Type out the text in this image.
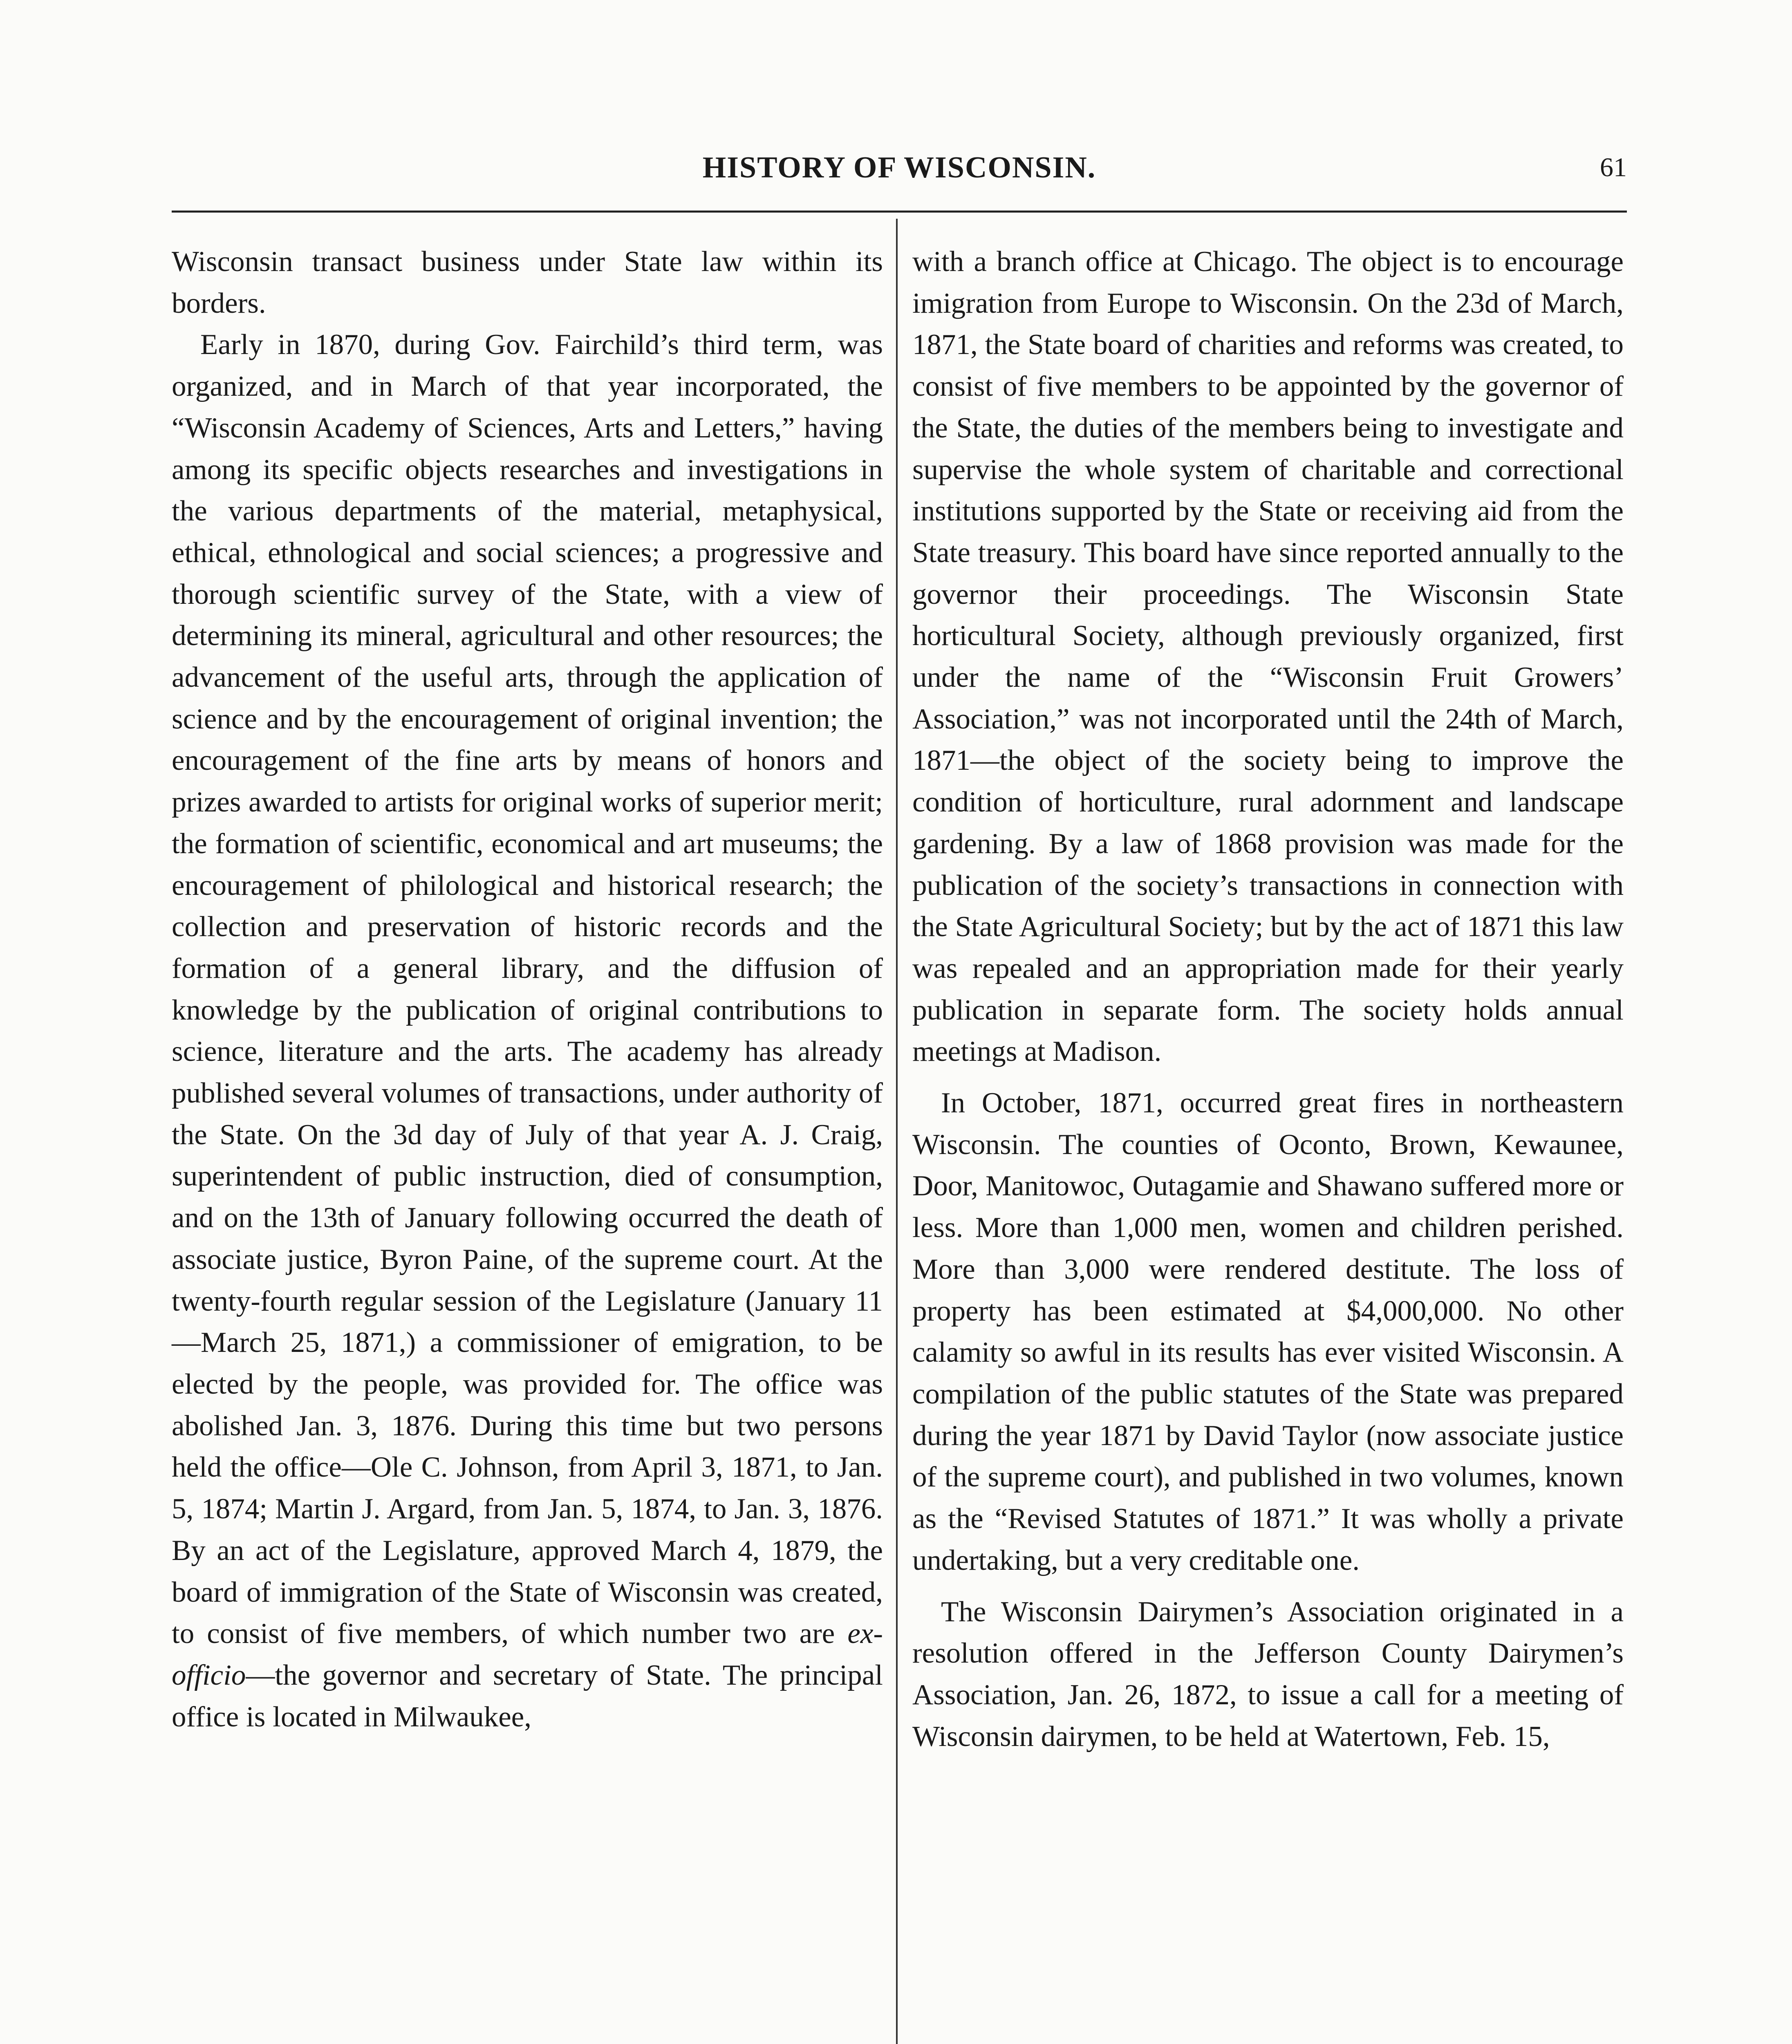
HISTORY OF WISCONSIN.	61

Wisconsin transact business under State law within its borders.

Early in 1870, during Gov. Fairchild’s third term, was organized, and in March of that year incorporated, the “Wisconsin Academy of Sciences, Arts and Letters,” having among its specific objects researches and investigations in the various departments of the material, metaphysical, ethical, ethnological and social sciences; a progressive and thorough scientific survey of the State, with a view of determining its mineral, agricultural and other resources; the advancement of the useful arts, through the application of science and by the encouragement of original invention; the encouragement of the fine arts by means of honors and prizes awarded to artists for original works of superior merit; the formation of scientific, economical and art museums; the encouragement of philological and historical research; the collection and preservation of historic records and the formation of a general library, and the diffusion of knowledge by the publication of original contributions to science, literature and the arts. The academy has already published several volumes of transactions, under authority of the State. On the 3d day of July of that year A. J. Craig, superintendent of public instruction, died of consumption, and on the 13th of January following occurred the death of associate justice, Byron Paine, of the supreme court. At the twenty-fourth regular session of the Legislature (January 11—March 25, 1871,) a commissioner of emigration, to be elected by the people, was provided for. The office was abolished Jan. 3, 1876. During this time but two persons held the office—Ole C. Johnson, from April 3, 1871, to Jan. 5, 1874; Martin J. Argard, from Jan. 5, 1874, to Jan. 3, 1876. By an act of the Legislature, approved March 4, 1879, the board of immigration of the State of Wisconsin was created, to consist of five members, of which number two are ex-officio—the governor and secretary of State. The principal office is located in Milwaukee,

with a branch office at Chicago. The object is to encourage imigration from Europe to Wisconsin. On the 23d of March, 1871, the State board of charities and reforms was created, to consist of five members to be appointed by the governor of the State, the duties of the members being to investigate and supervise the whole system of charitable and correctional institutions supported by the State or receiving aid from the State treasury. This board have since reported annually to the governor their proceedings. The Wisconsin State horticultural Society, although previously organized, first under the name of the “Wisconsin Fruit Growers’ Association,” was not incorporated until the 24th of March, 1871—the object of the society being to improve the condition of horticulture, rural adornment and landscape gardening. By a law of 1868 provision was made for the publication of the society’s transactions in connection with the State Agricultural Society; but by the act of 1871 this law was repealed and an appropriation made for their yearly publication in separate form. The society holds annual meetings at Madison.

In October, 1871, occurred great fires in northeastern Wisconsin. The counties of Oconto, Brown, Kewaunee, Door, Manitowoc, Outagamie and Shawano suffered more or less. More than 1,000 men, women and children perished. More than 3,000 were rendered destitute. The loss of property has been estimated at $4,000,000. No other calamity so awful in its results has ever visited Wisconsin. A compilation of the public statutes of the State was prepared during the year 1871 by David Taylor (now associate justice of the supreme court), and published in two volumes, known as the “Revised Statutes of 1871.” It was wholly a private undertaking, but a very creditable one.

The Wisconsin Dairymen’s Association originated in a resolution offered in the Jefferson County Dairymen’s Association, Jan. 26, 1872, to issue a call for a meeting of Wisconsin dairymen, to be held at Watertown, Feb. 15,
